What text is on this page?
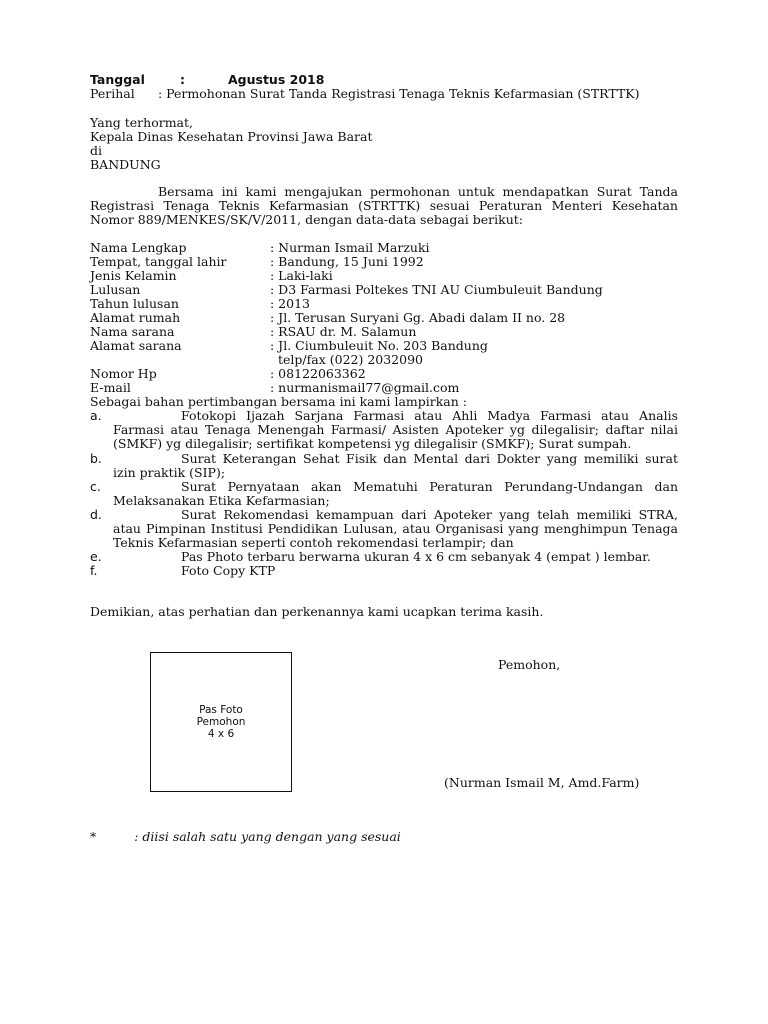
Tanggal	:	Agustus 2018
Perihal : Permohonan Surat Tanda Registrasi Tenaga Teknis Kefarmasian (STRTTK)
Yang terhormat,
Kepala Dinas Kesehatan Provinsi Jawa Barat
di
BANDUNG
Bersama ini kami mengajukan permohonan untuk mendapatkan Surat Tanda Registrasi Tenaga Teknis Kefarmasian (STRTTK) sesuai Peraturan Menteri Kesehatan Nomor 889/MENKES/SK/V/2011, dengan data-data sebagai berikut:
Nama Lengkap	: Nurman Ismail Marzuki
Tempat, tanggal lahir	: Bandung, 15 Juni 1992
Jenis Kelamin	: Laki-laki
Lulusan	: D3 Farmasi Poltekes TNI AU Ciumbuleuit Bandung
Tahun lulusan	: 2013
Alamat rumah	: Jl. Terusan Suryani Gg. Abadi dalam II no. 28
Nama sarana	: RSAU dr. M. Salamun
Alamat sarana	: Jl. Ciumbuleuit No. 203 Bandung
telp/fax (022) 2032090
Nomor Hp	: 08122063362
E-mail	: nurmanismail77@gmail.com
Sebagai bahan pertimbangan bersama ini kami lampirkan :
a.	Fotokopi Ijazah Sarjana Farmasi atau Ahli Madya Farmasi atau Analis Farmasi atau Tenaga Menengah Farmasi/ Asisten Apoteker yg dilegalisir; daftar nilai (SMKF) yg dilegalisir; sertifikat kompetensi yg dilegalisir (SMKF); Surat sumpah.
b.	Surat Keterangan Sehat Fisik dan Mental dari Dokter yang memiliki surat izin praktik (SIP);
c.	Surat Pernyataan akan Mematuhi Peraturan Perundang-Undangan dan Melaksanakan Etika Kefarmasian;
d.	Surat Rekomendasi kemampuan dari Apoteker yang telah memiliki STRA, atau Pimpinan Institusi Pendidikan Lulusan, atau Organisasi yang menghimpun Tenaga Teknis Kefarmasian seperti contoh rekomendasi terlampir; dan
e.	Pas Photo terbaru berwarna ukuran 4 x 6 cm sebanyak 4 (empat ) lembar.
f.	Foto Copy KTP
Demikian, atas perhatian dan perkenannya kami ucapkan terima kasih.
Pas Foto
Pemohon
4 x 6
Pemohon,
(Nurman Ismail M, Amd.Farm)
*	: diisi salah satu yang dengan yang sesuai
